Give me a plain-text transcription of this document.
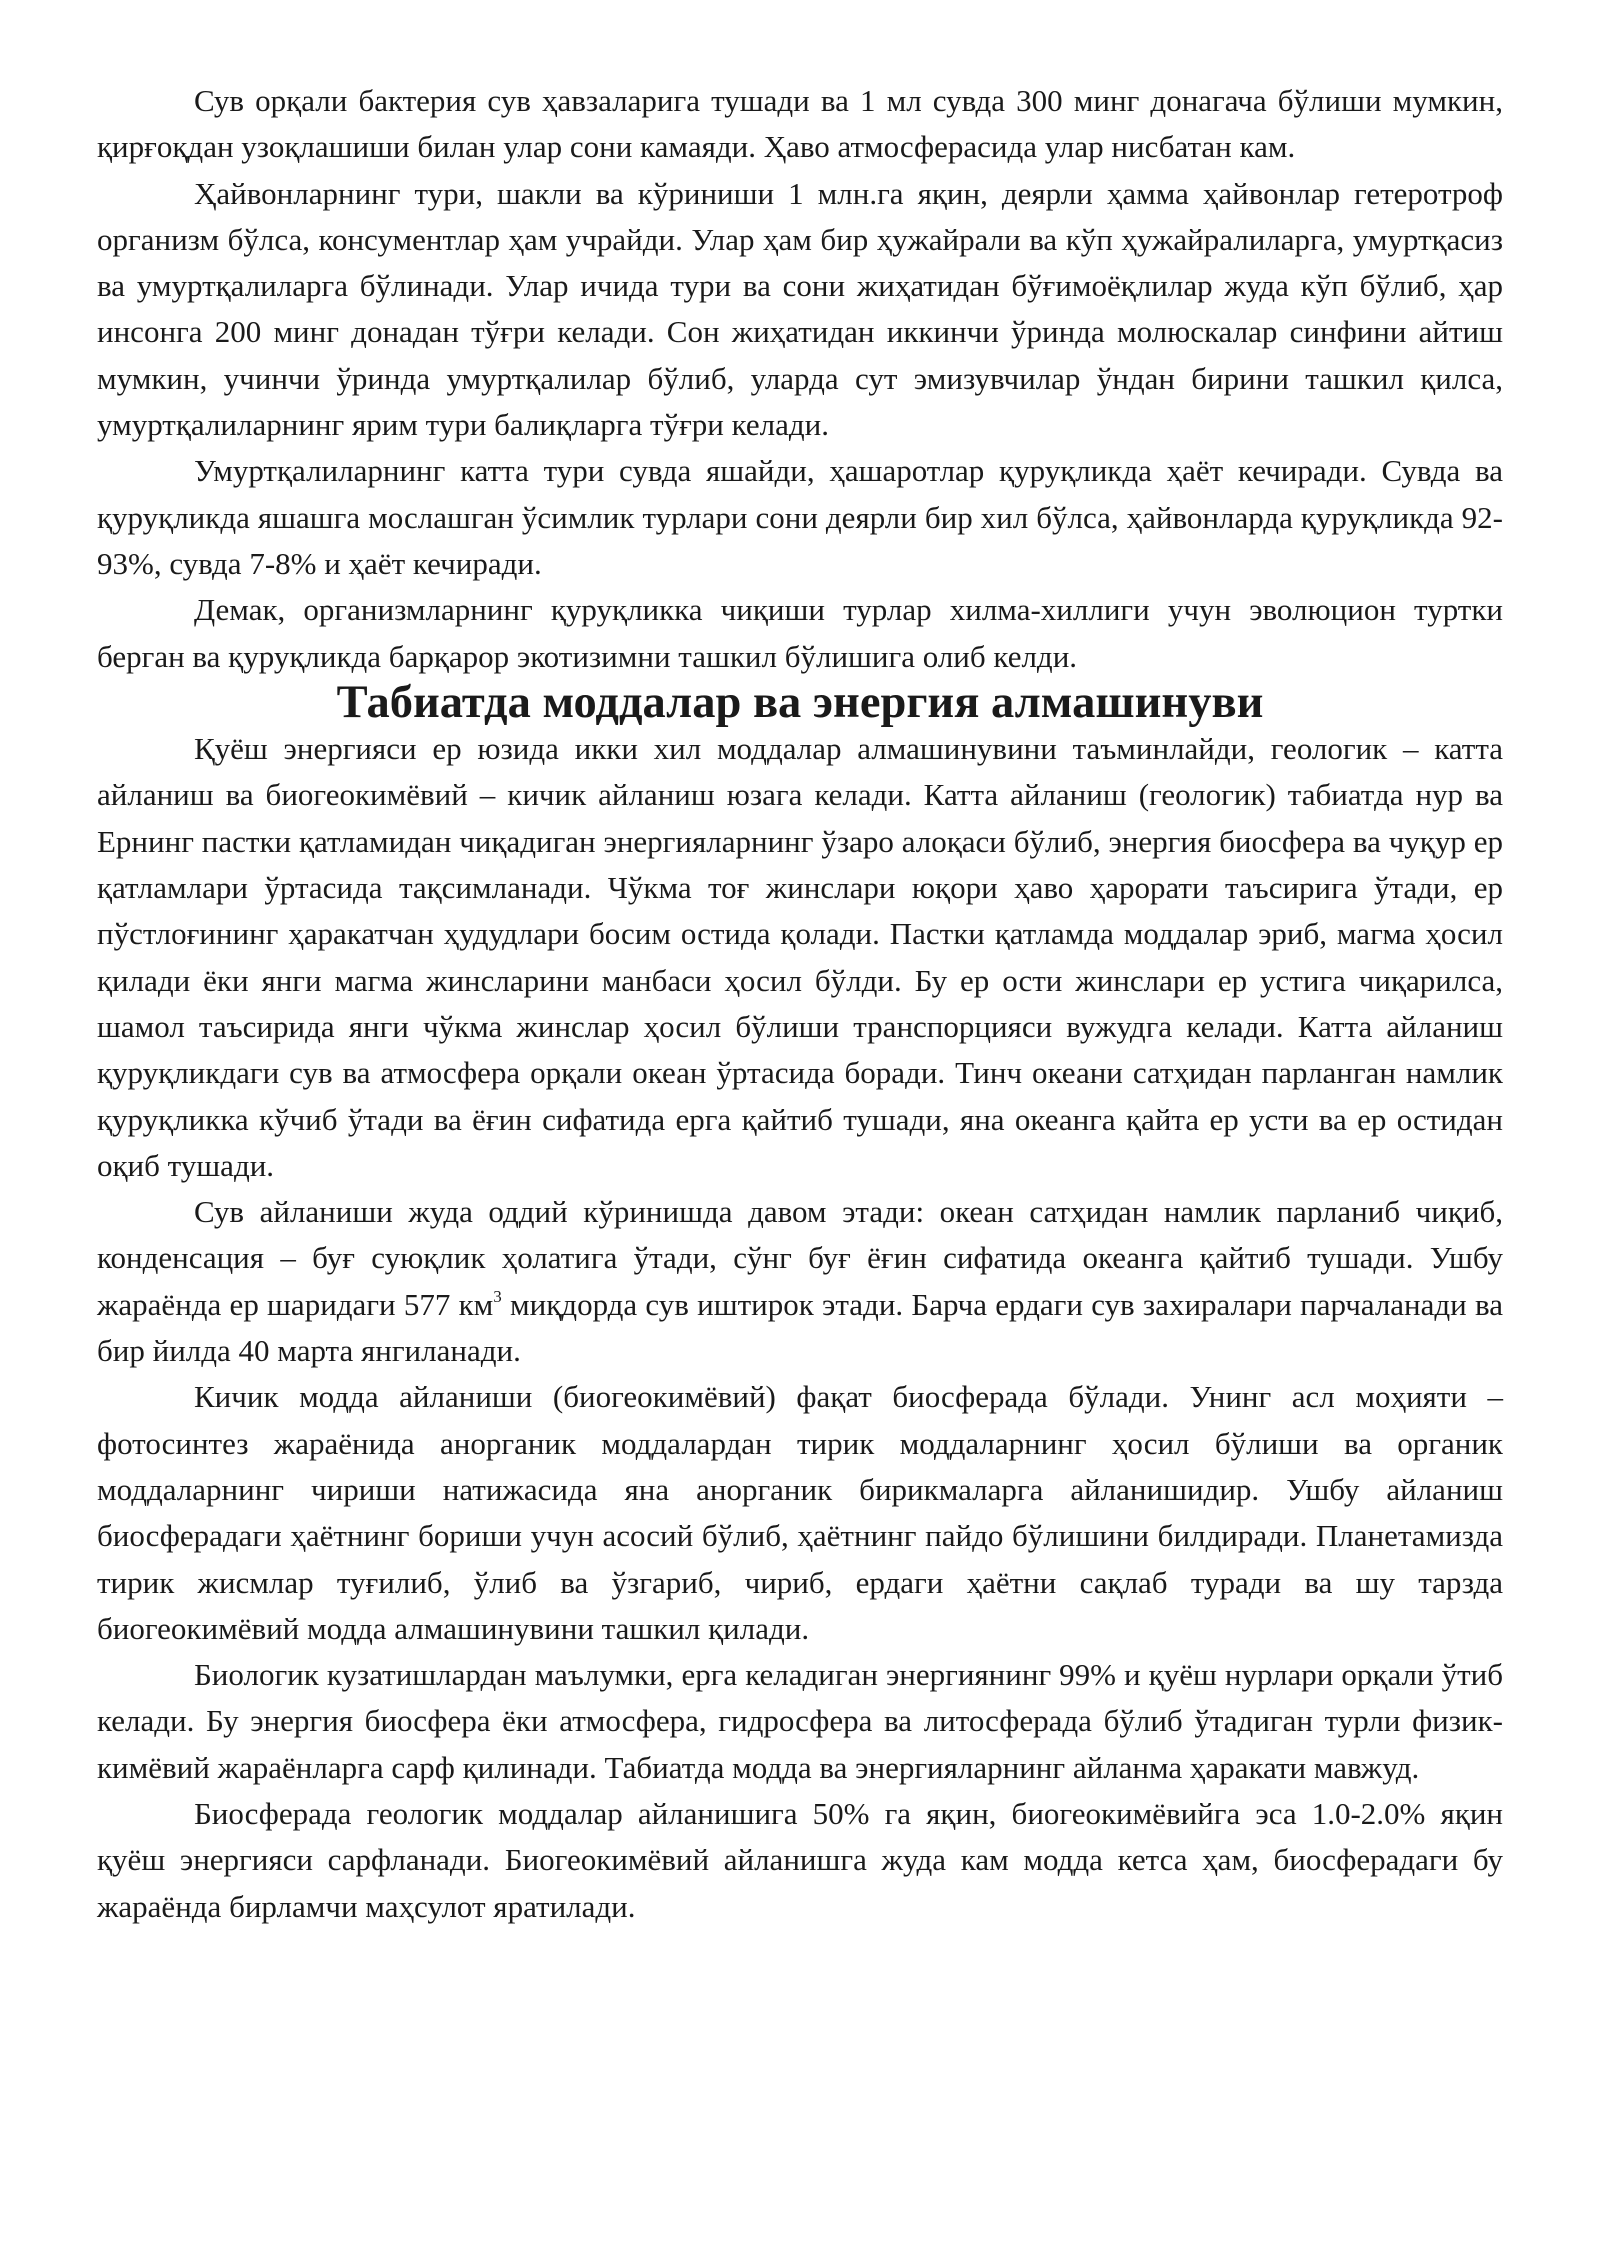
Сув орқали бактерия сув ҳавзаларига тушади ва 1 мл сувда 300 минг донагача бўлиши мумкин, қирғоқдан узоқлашиши билан улар сони камаяди. Ҳаво атмосферасида улар нисбатан кам.

Ҳайвонларнинг тури, шакли ва кўриниши 1 млн.га яқин, деярли ҳамма ҳайвонлар гетеротроф организм бўлса, консументлар ҳам учрайди. Улар ҳам бир ҳужайрали ва кўп ҳужайралиларга, умуртқасиз ва умуртқалиларга бўлинади. Улар ичида тури ва сони жиҳатидан бўғимоёқлилар жуда кўп бўлиб, ҳар инсонга 200 минг донадан тўғри келади. Сон жиҳатидан иккинчи ўринда молюскалар синфини айтиш мумкин, учинчи ўринда умуртқалилар бўлиб, уларда сут эмизувчилар ўндан бирини ташкил қилса, умуртқалиларнинг ярим тури балиқларга тўғри келади.

Умуртқалиларнинг катта тури сувда яшайди, ҳашаротлар қуруқликда ҳаёт кечиради. Сувда ва қуруқликда яшашга мослашган ўсимлик турлари сони деярли бир хил бўлса, ҳайвонларда қуруқликда 92-93%, сувда 7-8% и ҳаёт кечиради.

Демак, организмларнинг қуруқликка чиқиши турлар хилма-хиллиги учун эволюцион туртки берган ва қуруқликда барқарор экотизимни ташкил бўлишига олиб келди.

Табиатда моддалар ва энергия алмашинуви

Қуёш энергияси ер юзида икки хил моддалар алмашинувини таъминлайди, геологик – катта айланиш ва биогеокимёвий – кичик айланиш юзага келади. Катта айланиш (геологик) табиатда нур ва Ернинг пастки қатламидан чиқадиган энергияларнинг ўзаро алоқаси бўлиб, энергия биосфера ва чуқур ер қатламлари ўртасида тақсимланади. Чўкма тоғ жинслари юқори ҳаво ҳарорати таъсирига ўтади, ер пўстлоғининг ҳаракатчан ҳудудлари босим остида қолади. Пастки қатламда моддалар эриб, магма ҳосил қилади ёки янги магма жинсларини манбаси ҳосил бўлди. Бу ер ости жинслари ер устига чиқарилса, шамол таъсирида янги чўкма жинслар ҳосил бўлиши транспорцияси вужудга келади. Катта айланиш қуруқликдаги сув ва атмосфера орқали океан ўртасида боради. Тинч океани сатҳидан парланган намлик қуруқликка кўчиб ўтади ва ёғин сифатида ерга қайтиб тушади, яна океанга қайта ер усти ва ер остидан оқиб тушади.

Сув айланиши жуда оддий кўринишда давом этади: океан сатҳидан намлик парланиб чиқиб, конденсация – буғ суюқлик ҳолатига ўтади, сўнг буғ ёғин сифатида океанга қайтиб тушади. Ушбу жараёнда ер шаридаги 577 $км^3$ миқдорда сув иштирок этади. Барча ердаги сув захиралари парчаланади ва бир йилда 40 марта янгиланади.

Кичик модда айланиши (биогеокимёвий) фақат биосферада бўлади. Унинг асл моҳияти – фотосинтез жараёнида анорганик моддалардан тирик моддаларнинг ҳосил бўлиши ва органик моддаларнинг чириши натижасида яна анорганик бирикмаларга айланишидир. Ушбу айланиш биосферадаги ҳаётнинг бориши учун асосий бўлиб, ҳаётнинг пайдо бўлишини билдиради. Планетамизда тирик жисмлар туғилиб, ўлиб ва ўзгариб, чириб, ердаги ҳаётни сақлаб туради ва шу тарзда биогеокимёвий модда алмашинувини ташкил қилади.

Биологик кузатишлардан маълумки, ерга келадиган энергиянинг 99% и қуёш нурлари орқали ўтиб келади. Бу энергия биосфера ёки атмосфера, гидросфера ва литосферада бўлиб ўтадиган турли физик-кимёвий жараёнларга сарф қилинади. Табиатда модда ва энергияларнинг айланма ҳаракати мавжуд.

Биосферада геологик моддалар айланишига 50% га яқин, биогеокимёвийга эса 1.0-2.0% яқин қуёш энергияси сарфланади. Биогеокимёвий айланишга жуда кам модда кетса ҳам, биосферадаги бу жараёнда бирламчи маҳсулот яратилади.
